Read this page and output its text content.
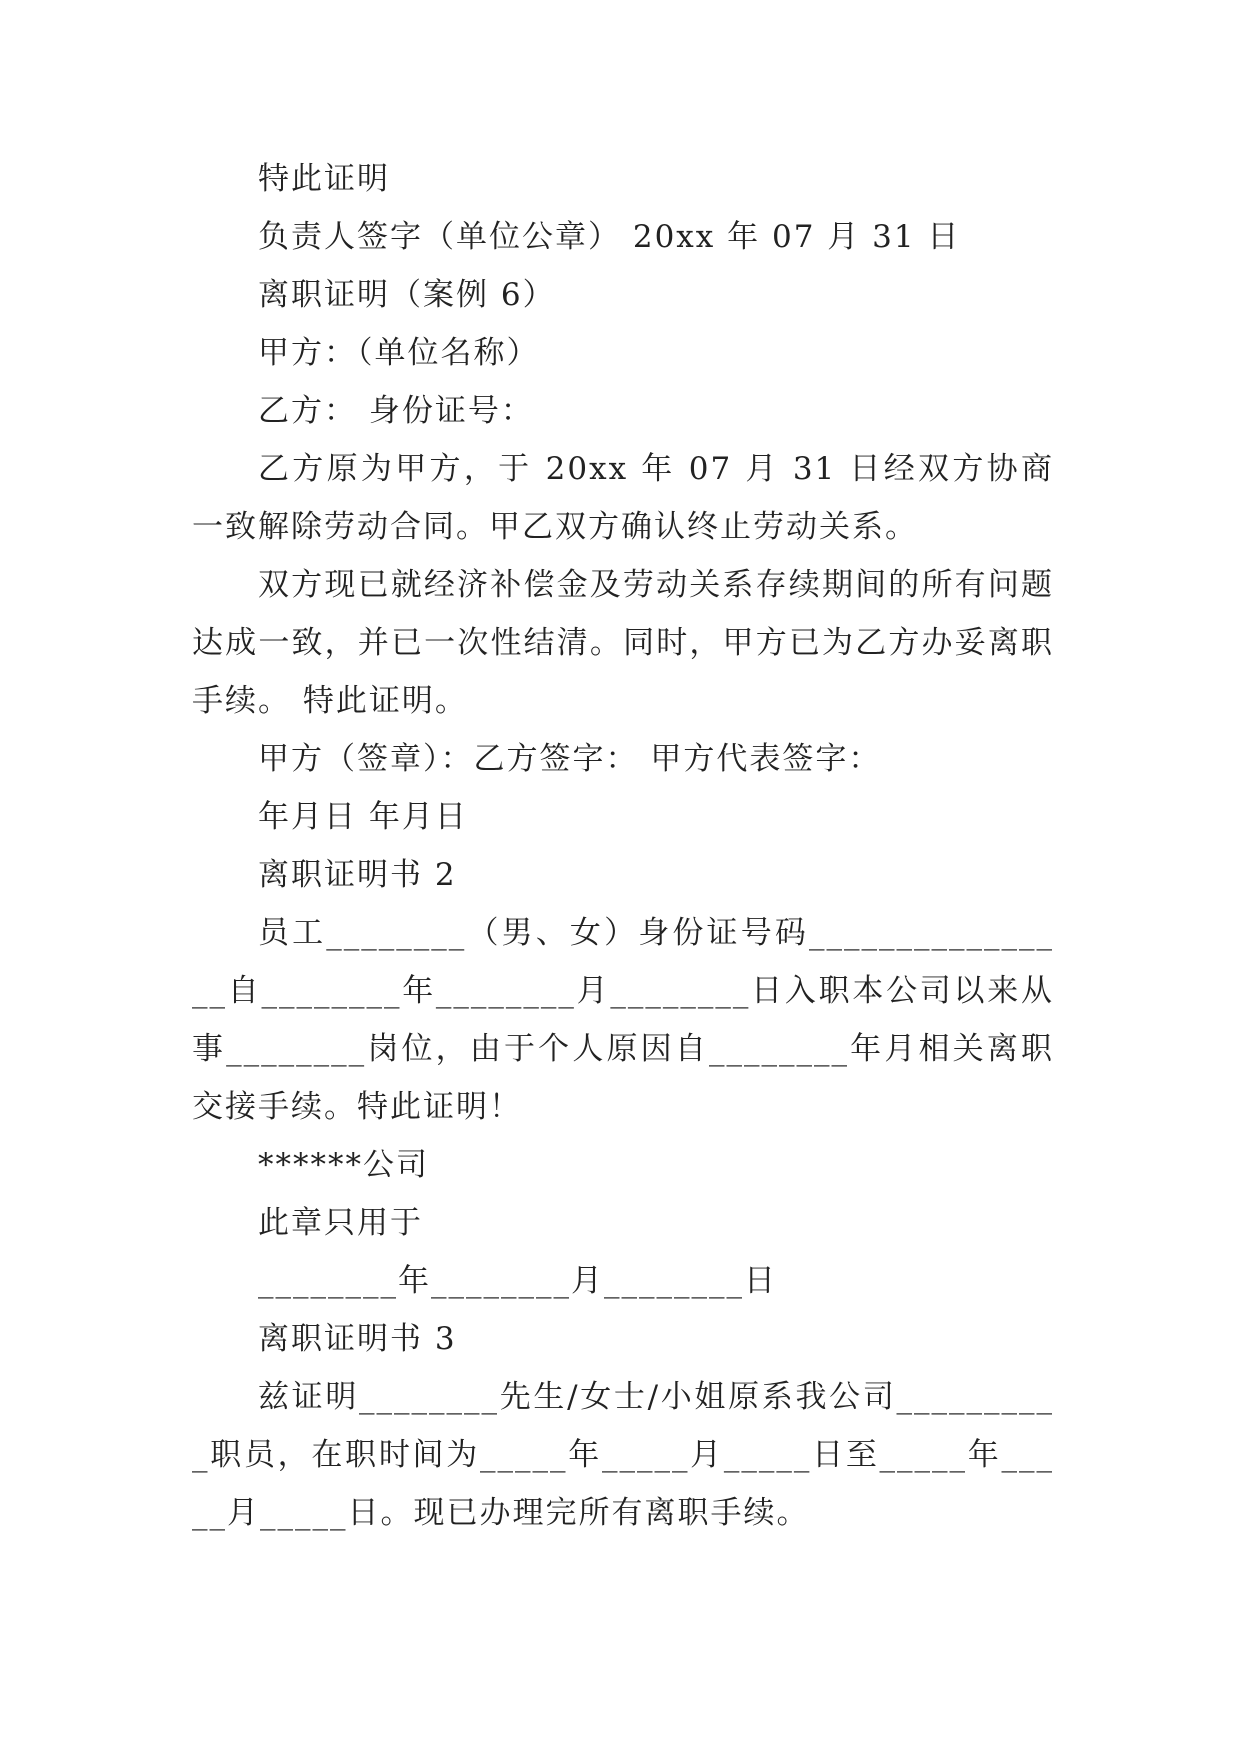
特此证明

负责人签字（单位公章） 20xx 年 07 月 31 日

离职证明（案例 6）

甲方：（单位名称）

乙方： 身份证号：

乙方原为甲方，于 20xx 年 07 月 31 日经双方协商一致解除劳动合同。甲乙双方确认终止劳动关系。

双方现已就经济补偿金及劳动关系存续期间的所有问题达成一致，并已一次性结清。同时，甲方已为乙方办妥离职手续。 特此证明。

甲方（签章）：乙方签字： 甲方代表签字：

年月日 年月日

离职证明书 2

员工________（男、女）身份证号码________________自________年________月________日入职本公司以来从事________岗位，由于个人原因自________年月相关离职交接手续。特此证明！

******公司

此章只用于

________年________月________日

离职证明书 3

兹证明________先生/女士/小姐原系我公司__________职员，在职时间为_____年_____月_____日至_____年_____月_____日。现已办理完所有离职手续。
